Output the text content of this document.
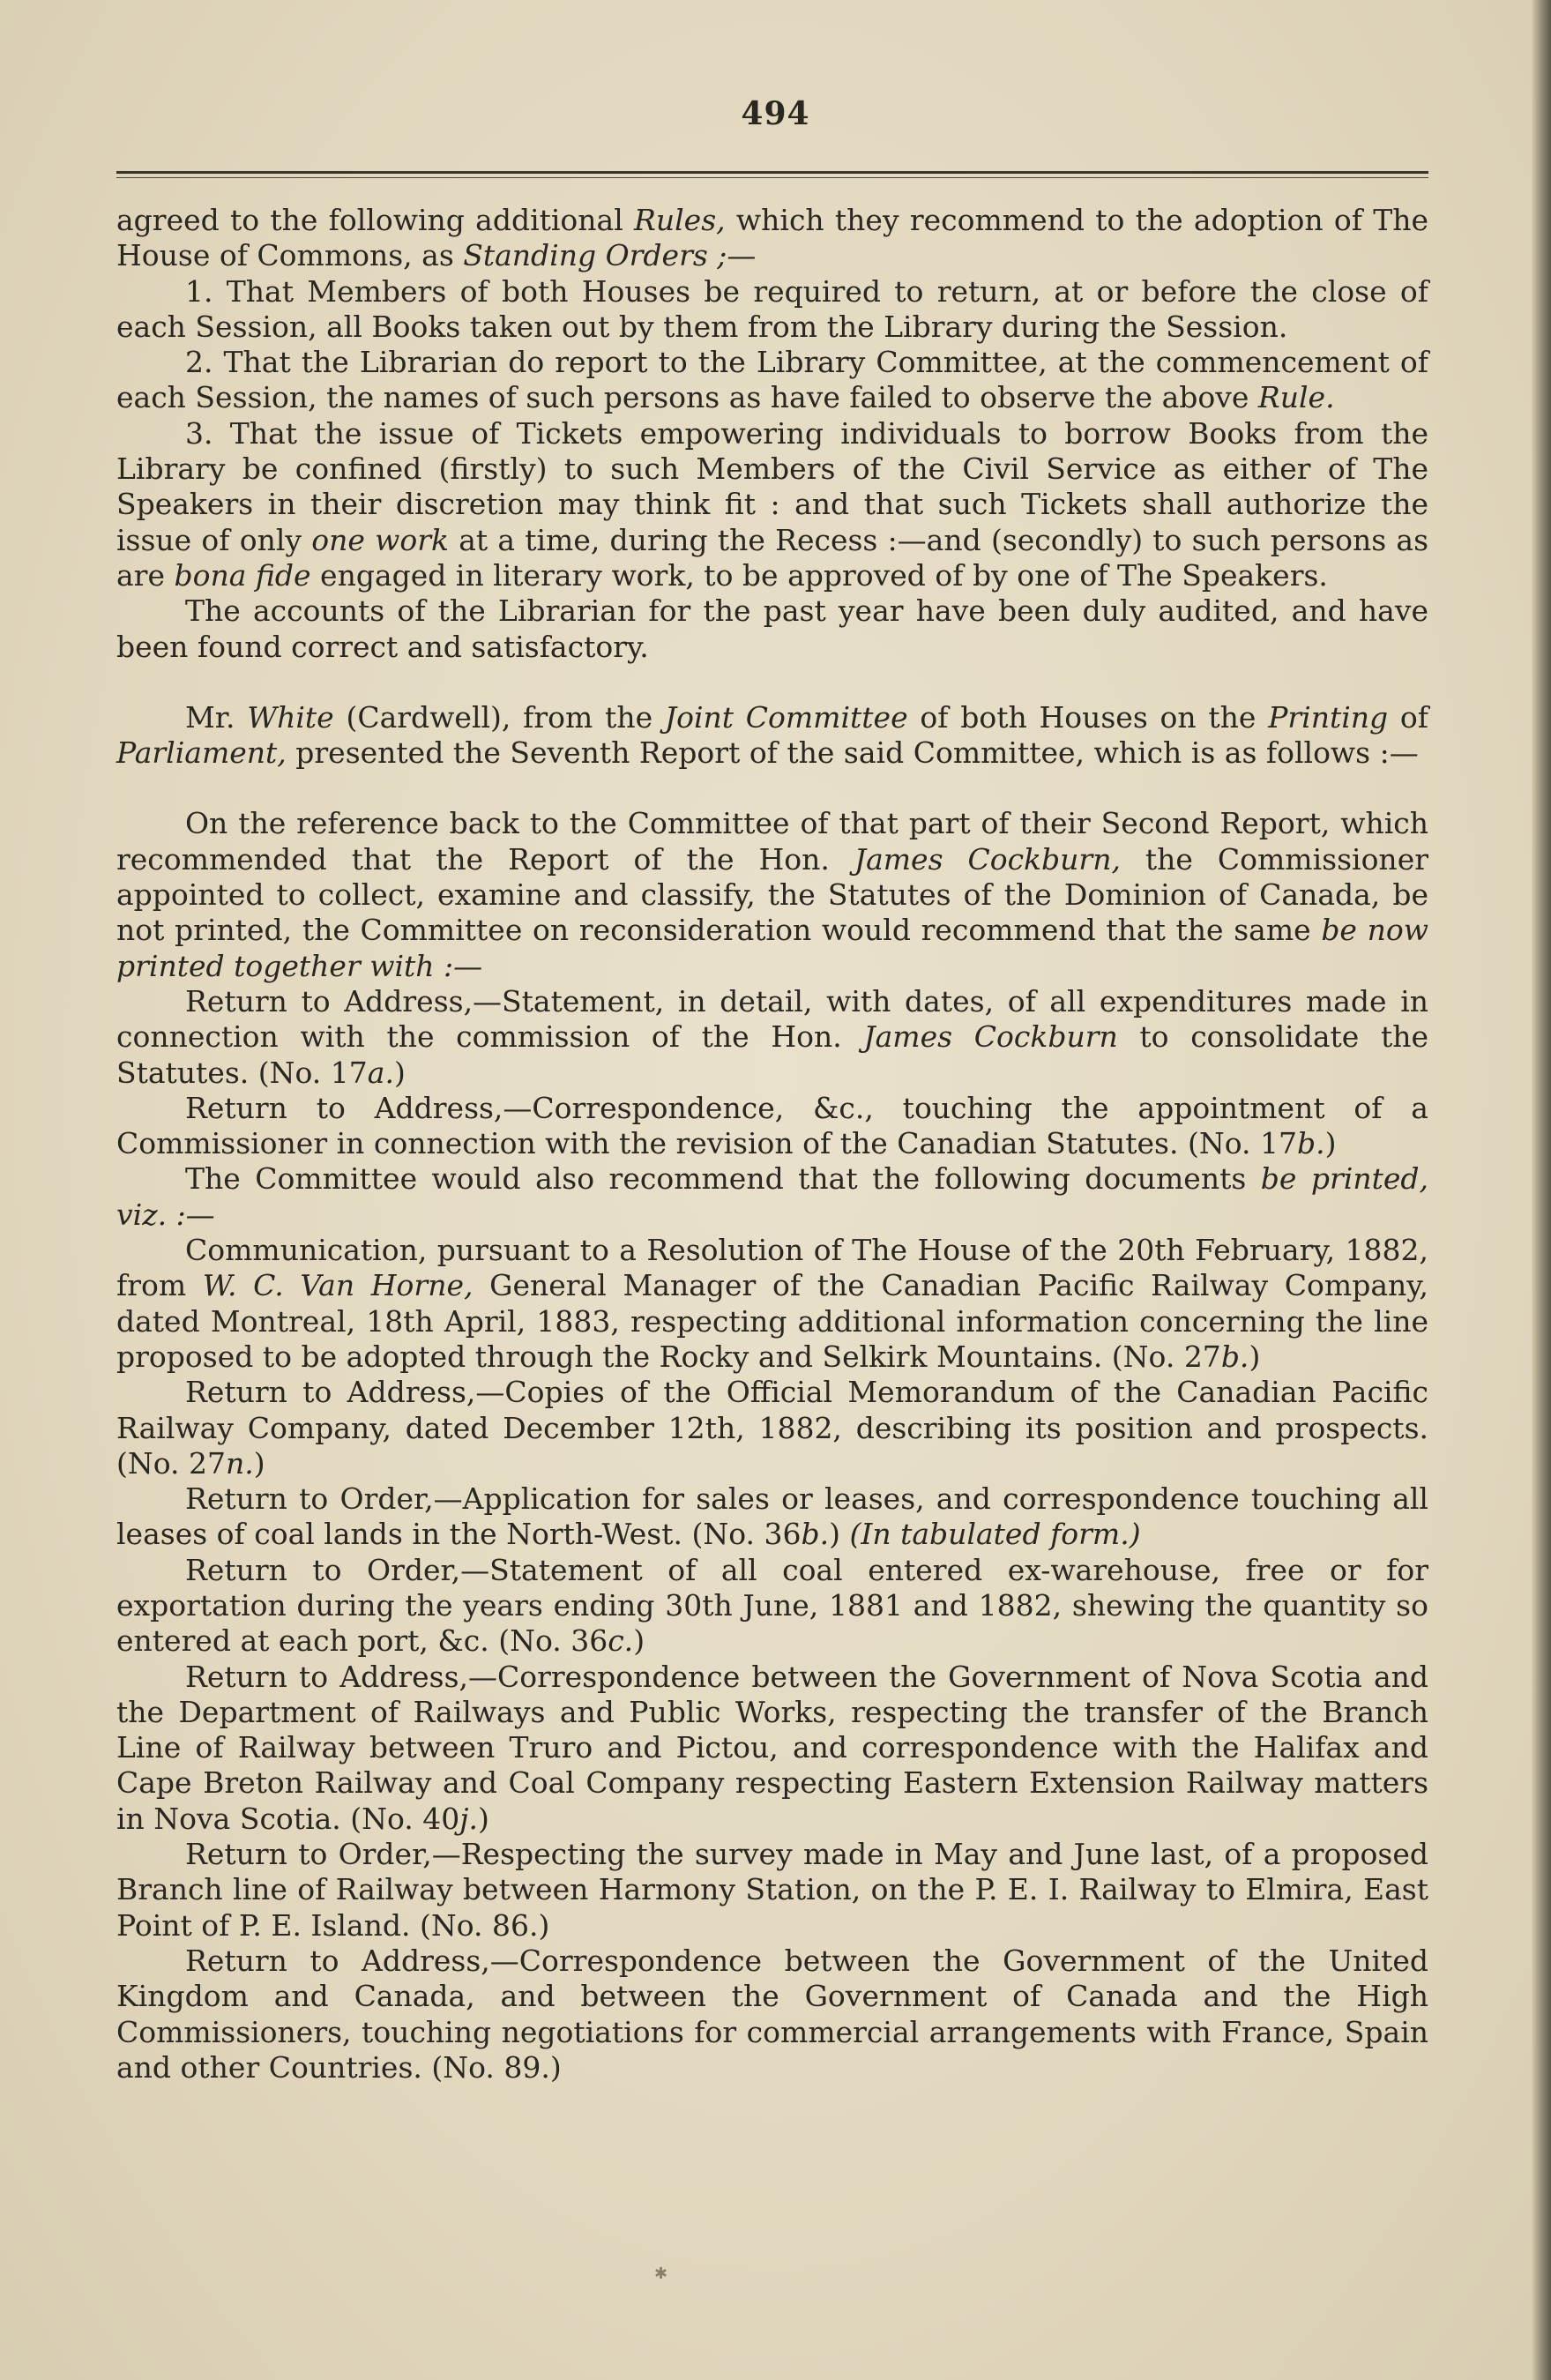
494

agreed to the following additional Rules, which they recommend to the adoption of The House of Commons, as Standing Orders ;—

1. That Members of both Houses be required to return, at or before the close of each Session, all Books taken out by them from the Library during the Session.

2. That the Librarian do report to the Library Committee, at the commencement of each Session, the names of such persons as have failed to observe the above Rule.

3. That the issue of Tickets empowering individuals to borrow Books from the Library be confined (firstly) to such Members of the Civil Service as either of The Speakers in their discretion may think fit : and that such Tickets shall authorize the issue of only one work at a time, during the Recess :—and (secondly) to such persons as are bona fide engaged in literary work, to be approved of by one of The Speakers.

The accounts of the Librarian for the past year have been duly audited, and have been found correct and satisfactory.

Mr. White (Cardwell), from the Joint Committee of both Houses on the Printing of Parliament, presented the Seventh Report of the said Committee, which is as follows :—

On the reference back to the Committee of that part of their Second Report, which recommended that the Report of the Hon. James Cockburn, the Commissioner appointed to collect, examine and classify, the Statutes of the Dominion of Canada, be not printed, the Committee on reconsideration would recommend that the same be now printed together with :—

Return to Address,—Statement, in detail, with dates, of all expenditures made in connection with the commission of the Hon. James Cockburn to consolidate the Statutes. (No. 17a.)

Return to Address,—Correspondence, &c., touching the appointment of a Commissioner in connection with the revision of the Canadian Statutes. (No. 17b.)

The Committee would also recommend that the following documents be printed, viz. :—

Communication, pursuant to a Resolution of The House of the 20th February, 1882, from W. C. Van Horne, General Manager of the Canadian Pacific Railway Company, dated Montreal, 18th April, 1883, respecting additional information concerning the line proposed to be adopted through the Rocky and Selkirk Mountains. (No. 27b.)

Return to Address,—Copies of the Official Memorandum of the Canadian Pacific Railway Company, dated December 12th, 1882, describing its position and prospects. (No. 27n.)

Return to Order,—Application for sales or leases, and correspondence touching all leases of coal lands in the North-West. (No. 36b.) (In tabulated form.)

Return to Order,—Statement of all coal entered ex-warehouse, free or for exportation during the years ending 30th June, 1881 and 1882, shewing the quantity so entered at each port, &c. (No. 36c.)

Return to Address,—Correspondence between the Government of Nova Scotia and the Department of Railways and Public Works, respecting the transfer of the Branch Line of Railway between Truro and Pictou, and correspondence with the Halifax and Cape Breton Railway and Coal Company respecting Eastern Extension Railway matters in Nova Scotia. (No. 40j.)

Return to Order,—Respecting the survey made in May and June last, of a proposed Branch line of Railway between Harmony Station, on the P. E. I. Railway to Elmira, East Point of P. E. Island. (No. 86.)

Return to Address,—Correspondence between the Government of the United Kingdom and Canada, and between the Government of Canada and the High Commissioners, touching negotiations for commercial arrangements with France, Spain and other Countries. (No. 89.)

✱
